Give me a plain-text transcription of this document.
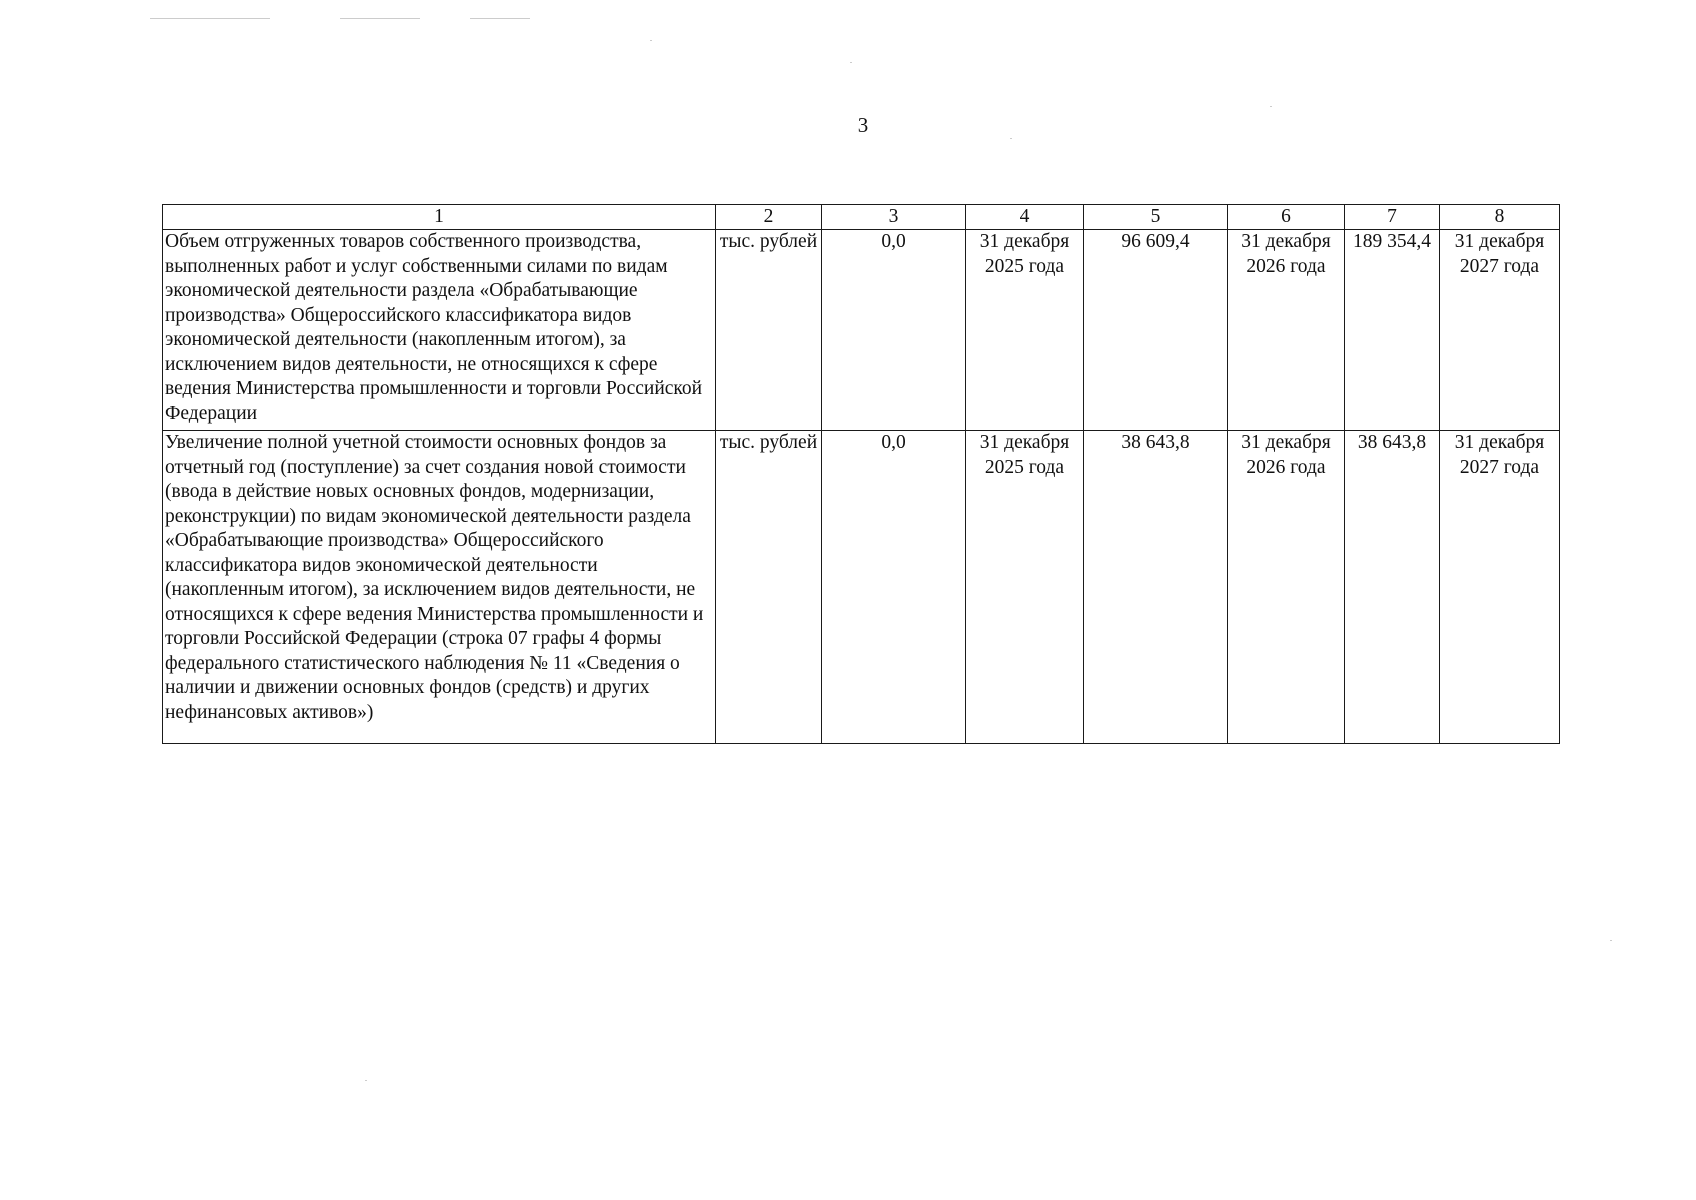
3
1	2	3	4	5	6	7	8
Объем отгруженных товаров собственного производства, выполненных работ и услуг собственными силами по видам экономической деятельности раздела «Обрабатывающие производства» Общероссийского классификатора видов экономической деятельности (накопленным итогом), за исключением видов деятельности, не относящихся к сфере ведения Министерства промышленности и торговли Российской Федерации	тыс. рублей	0,0	31 декабря 2025 года	96 609,4	31 декабря 2026 года	189 354,4	31 декабря 2027 года
Увеличение полной учетной стоимости основных фондов за отчетный год (поступление) за счет создания новой стоимости (ввода в действие новых основных фондов, модернизации, реконструкции) по видам экономической деятельности раздела «Обрабатывающие производства» Общероссийского классификатора видов экономической деятельности (накопленным итогом), за исключением видов деятельности, не относящихся к сфере ведения Министерства промышленности и торговли Российской Федерации (строка 07 графы 4 формы федерального статистического наблюдения № 11 «Сведения о наличии и движении основных фондов (средств) и других нефинансовых активов»)	тыс. рублей	0,0	31 декабря 2025 года	38 643,8	31 декабря 2026 года	38 643,8	31 декабря 2027 года
